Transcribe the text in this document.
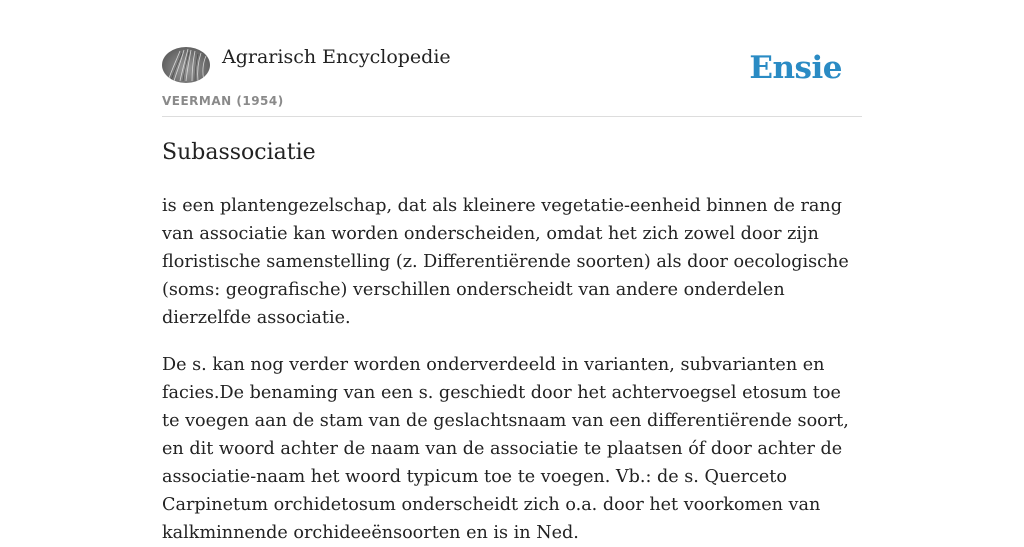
Agrarisch Encyclopedie
VEERMAN (1954)
Ensie
Subassociatie

is een plantengezelschap, dat als kleinere vegetatie-eenheid binnen de rang van associatie kan worden onderscheiden, omdat het zich zowel door zijn floristische samenstelling (z. Differentiërende soorten) als door oecologische (soms: geografische) verschillen onderscheidt van andere onderdelen dierzelfde associatie.

De s. kan nog verder worden onderverdeeld in varianten, subvarianten en facies.De benaming van een s. geschiedt door het achtervoegsel etosum toe te voegen aan de stam van de geslachtsnaam van een differentiërende soort, en dit woord achter de naam van de associatie te plaatsen óf door achter de associatie-naam het woord typicum toe te voegen. Vb.: de s. Querceto Carpinetum orchidetosum onderscheidt zich o.a. door het voorkomen van kalkminnende orchideeënsoorten en is in Ned.
